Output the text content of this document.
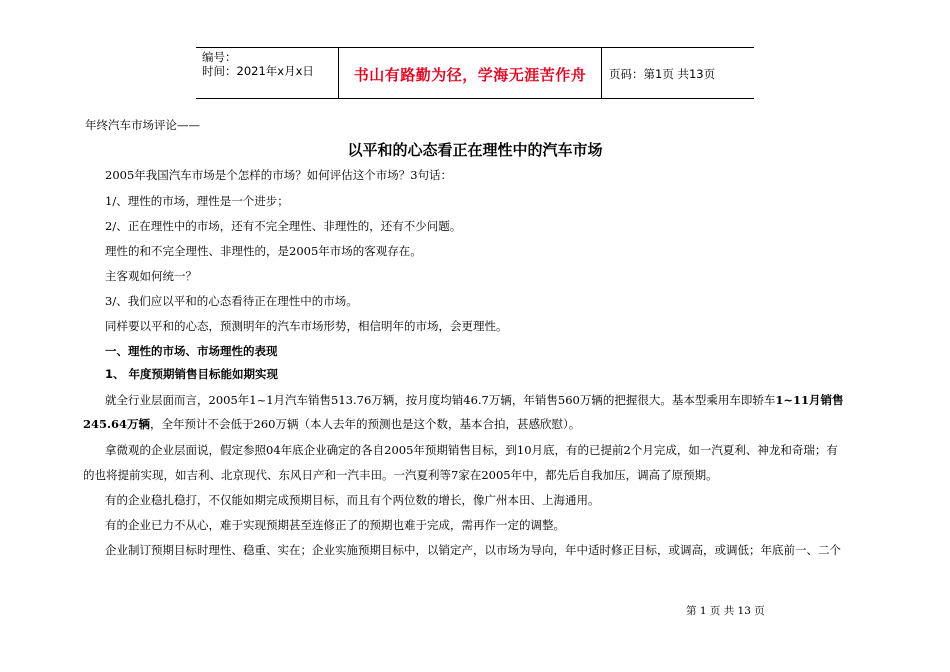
编号：
时间：2021年x月x日	书山有路勤为径，学海无涯苦作舟	页码：第1页 共13页
年终汽车市场评论——
以平和的心态看正在理性中的汽车市场
2005年我国汽车市场是个怎样的市场？如何评估这个市场？3句话：
1/、理性的市场，理性是一个进步；
2/、正在理性中的市场，还有不完全理性、非理性的，还有不少问题。
理性的和不完全理性、非理性的，是2005年市场的客观存在。
主客观如何统一？
3/、我们应以平和的心态看待正在理性中的市场。
同样要以平和的心态，预测明年的汽车市场形势，相信明年的市场，会更理性。
一、理性的市场、市场理性的表现
1、 年度预期销售目标能如期实现
就全行业层面而言，2005年1~1月汽车销售513.76万辆，按月度均销46.7万辆，年销售560万辆的把握很大。基本型乘用车即轿车1~11月销售
245.64万辆，全年预计不会低于260万辆（本人去年的预测也是这个数，基本合拍，甚感欣慰）。
拿微观的企业层面说，假定参照04年底企业确定的各自2005年预期销售目标，到10月底，有的已提前2个月完成，如一汽夏利、神龙和奇瑞；有
的也将提前实现，如吉利、北京现代、东风日产和一汽丰田。一汽夏利等7家在2005年中，都先后自我加压，调高了原预期。
有的企业稳扎稳打，不仅能如期完成预期目标，而且有个两位数的增长，像广州本田、上海通用。
有的企业已力不从心，难于实现预期甚至连修正了的预期也难于完成，需再作一定的调整。
企业制订预期目标时理性、稳重、实在；企业实施预期目标中，以销定产，以市场为导向，年中适时修正目标，或调高，或调低；年底前一、二个
第 1 页 共 13 页
